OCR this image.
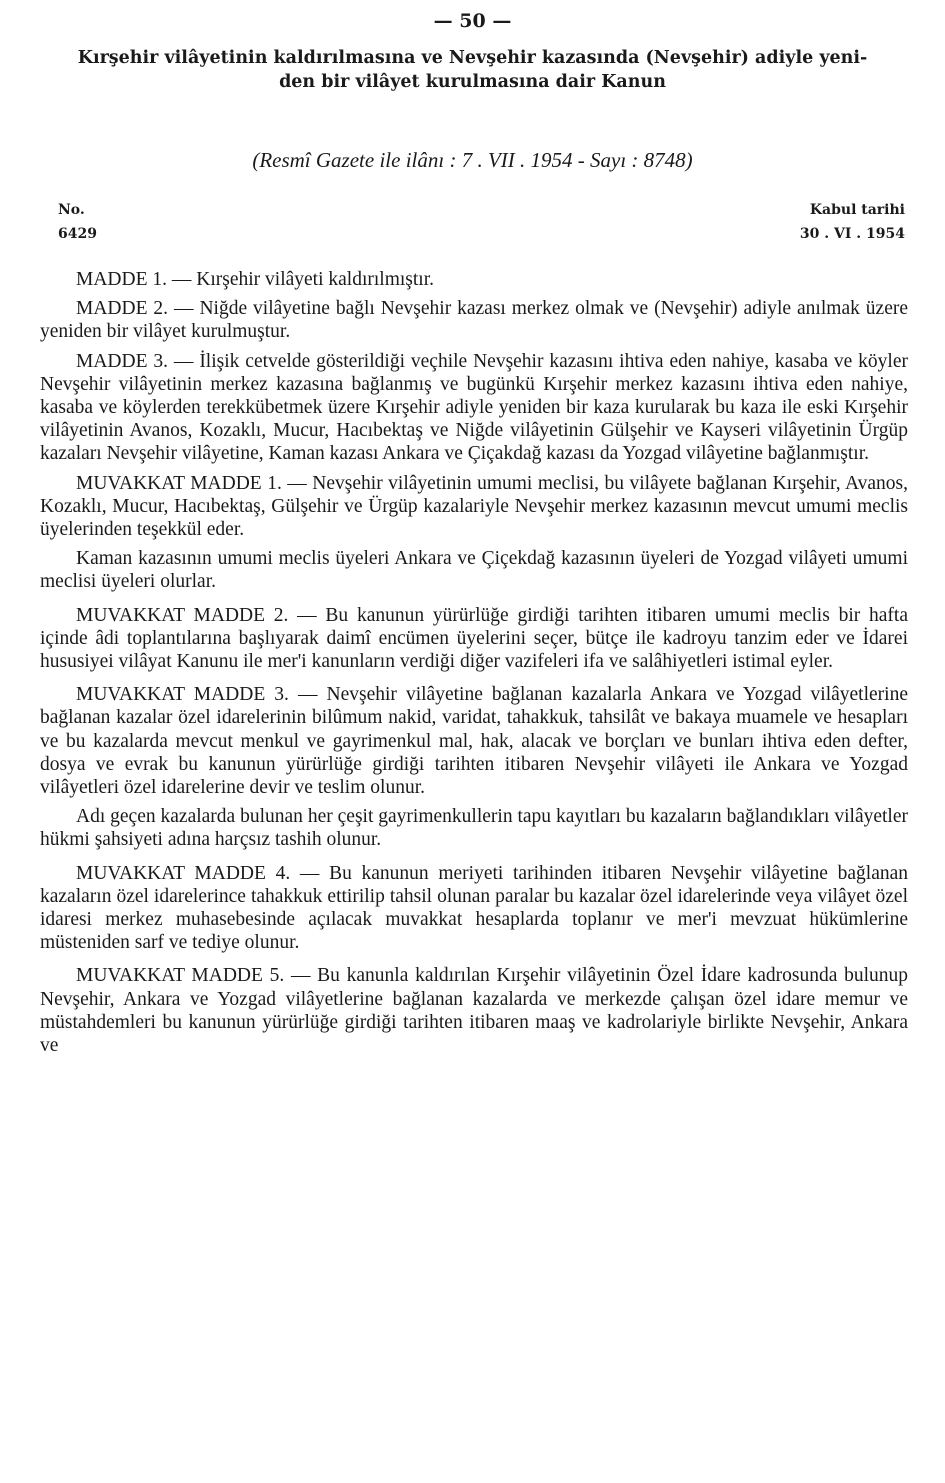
— 50 —
Kırşehir vilâyetinin kaldırılmasına ve Nevşehir kazasında (Nevşehir) adiyle yeni-
den bir vilâyet kurulmasına dair Kanun
(Resmî Gazete ile ilânı : 7 . VII . 1954 - Sayı : 8748)
No.
6429
Kabul tarihi
30 . VI . 1954

MADDE 1. — Kırşehir vilâyeti kaldırılmıştır.

MADDE 2. — Niğde vilâyetine bağlı Nevşehir kazası merkez olmak ve (Nevşehir) adiyle anılmak üzere yeniden bir vilâyet kurulmuştur.

MADDE 3. — İlişik cetvelde gösterildiği veçhile Nevşehir kazasını ihtiva eden nahiye, kasaba ve köyler Nevşehir vilâyetinin merkez kazasına bağlanmış ve bugünkü Kırşehir merkez kazasını ihtiva eden nahiye, kasaba ve köylerden terekkübetmek üzere Kırşehir adiyle yeniden bir kaza kurularak bu kaza ile eski Kırşehir vilâyetinin Avanos, Kozaklı, Mucur, Hacıbektaş ve Niğde vilâyetinin Gülşehir ve Kayseri vilâyetinin Ürgüp kazaları Nevşehir vilâyetine, Kaman kazası Ankara ve Çiçakdağ kazası da Yozgad vilâyetine bağlanmıştır.

MUVAKKAT MADDE 1. — Nevşehir vilâyetinin umumi meclisi, bu vilâyete bağlanan Kırşehir, Avanos, Kozaklı, Mucur, Hacıbektaş, Gülşehir ve Ürgüp kazalariyle Nevşehir merkez kazasının mevcut umumi meclis üyelerinden teşekkül eder.

Kaman kazasının umumi meclis üyeleri Ankara ve Çiçekdağ kazasının üyeleri de Yozgad vilâyeti umumi meclisi üyeleri olurlar.

MUVAKKAT MADDE 2. — Bu kanunun yürürlüğe girdiği tarihten itibaren umumi meclis bir hafta içinde âdi toplantılarına başlıyarak daimî encümen üyelerini seçer, bütçe ile kadroyu tanzim eder ve İdarei hususiyei vilâyat Kanunu ile mer'i kanunların verdiği diğer vazifeleri ifa ve salâhiyetleri istimal eyler.

MUVAKKAT MADDE 3. — Nevşehir vilâyetine bağlanan kazalarla Ankara ve Yozgad vilâyetlerine bağlanan kazalar özel idarelerinin bilûmum nakid, varidat, tahakkuk, tahsilât ve bakaya muamele ve hesapları ve bu kazalarda mevcut menkul ve gayrimenkul mal, hak, alacak ve borçları ve bunları ihtiva eden defter, dosya ve evrak bu kanunun yürürlüğe girdiği tarihten itibaren Nevşehir vilâyeti ile Ankara ve Yozgad vilâyetleri özel idarelerine devir ve teslim olunur.

Adı geçen kazalarda bulunan her çeşit gayrimenkullerin tapu kayıtları bu kazaların bağlandıkları vilâyetler hükmi şahsiyeti adına harçsız tashih olunur.

MUVAKKAT MADDE 4. — Bu kanunun meriyeti tarihinden itibaren Nevşehir vilâyetine bağlanan kazaların özel idarelerince tahakkuk ettirilip tahsil olunan paralar bu kazalar özel idarelerinde veya vilâyet özel idaresi merkez muhasebesinde açılacak muvakkat hesaplarda toplanır ve mer'i mevzuat hükümlerine müsteniden sarf ve tediye olunur.

MUVAKKAT MADDE 5. — Bu kanunla kaldırılan Kırşehir vilâyetinin Özel İdare kadrosunda bulunup Nevşehir, Ankara ve Yozgad vilâyetlerine bağlanan kazalarda ve merkezde çalışan özel idare memur ve müstahdemleri bu kanunun yürürlüğe girdiği tarihten itibaren maaş ve kadrolariyle birlikte Nevşehir, Ankara ve
